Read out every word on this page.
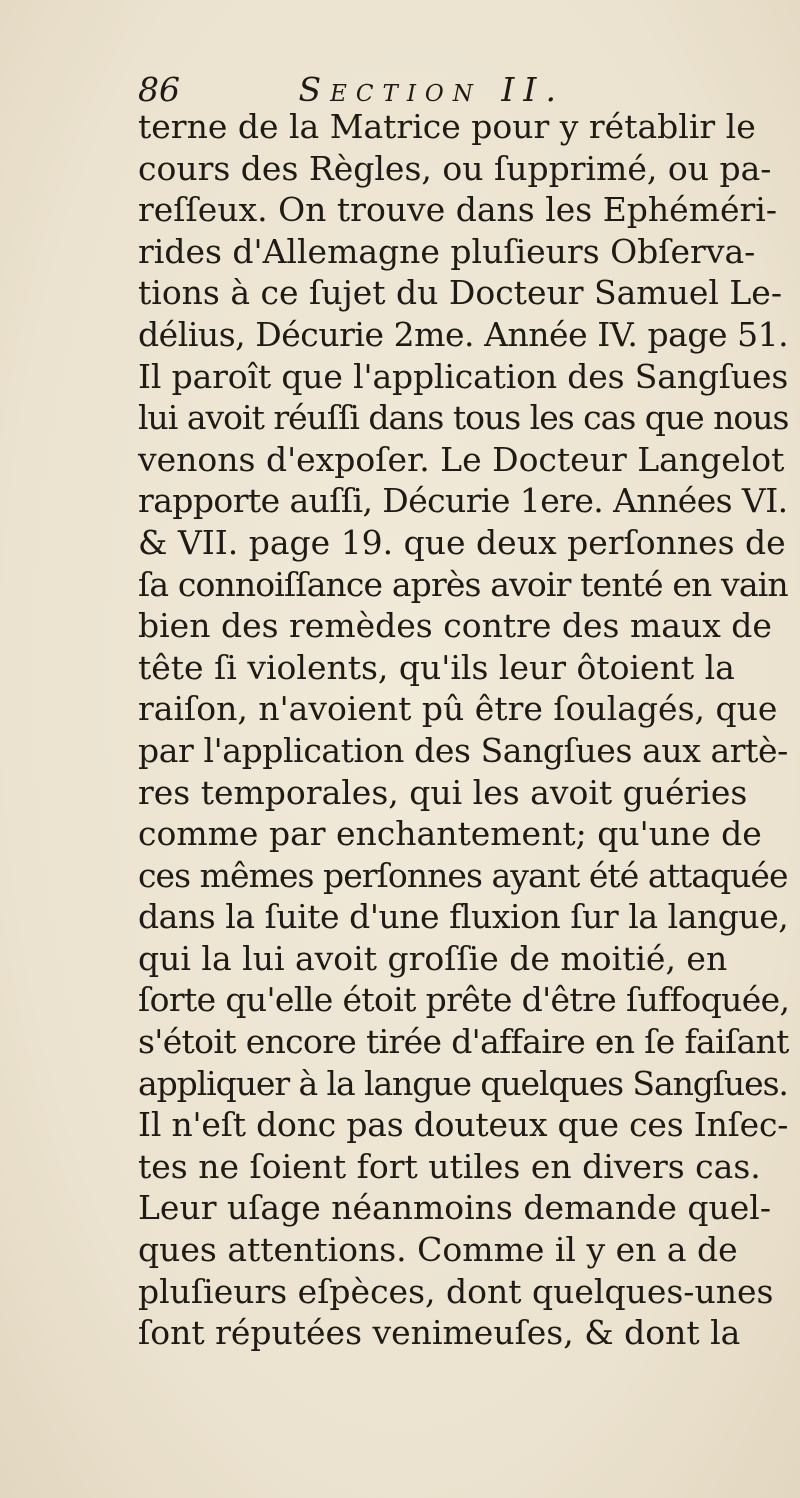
86	Section II.
terne de la Matrice pour y rétablir le
cours des Règles, ou ſupprimé, ou pa-
reſſeux. On trouve dans les Ephéméri-
rides d'Allemagne pluſieurs Obſerva-
tions à ce ſujet du Docteur Samuel Le-
délius, Décurie 2me. Année IV. page 51.
Il paroît que l'application des Sangſues
lui avoit réuſſi dans tous les cas que nous
venons d'expoſer. Le Docteur Langelot
rapporte auſſi, Décurie 1ere. Années VI.
& VII. page 19. que deux perſonnes de
ſa connoiſſance après avoir tenté en vain
bien des remèdes contre des maux de
tête ſi violents, qu'ils leur ôtoient la
raiſon, n'avoient pû être ſoulagés, que
par l'application des Sangſues aux artè-
res temporales, qui les avoit guéries
comme par enchantement; qu'une de
ces mêmes perſonnes ayant été attaquée
dans la ſuite d'une fluxion ſur la langue,
qui la lui avoit groſſie de moitié, en
ſorte qu'elle étoit prête d'être ſuffoquée,
s'étoit encore tirée d'affaire en ſe faiſant
appliquer à la langue quelques Sangſues.
Il n'eſt donc pas douteux que ces Inſec-
tes ne ſoient fort utiles en divers cas.
Leur uſage néanmoins demande quel-
ques attentions. Comme il y en a de
pluſieurs eſpèces, dont quelques-unes
ſont réputées venimeuſes, & dont la
